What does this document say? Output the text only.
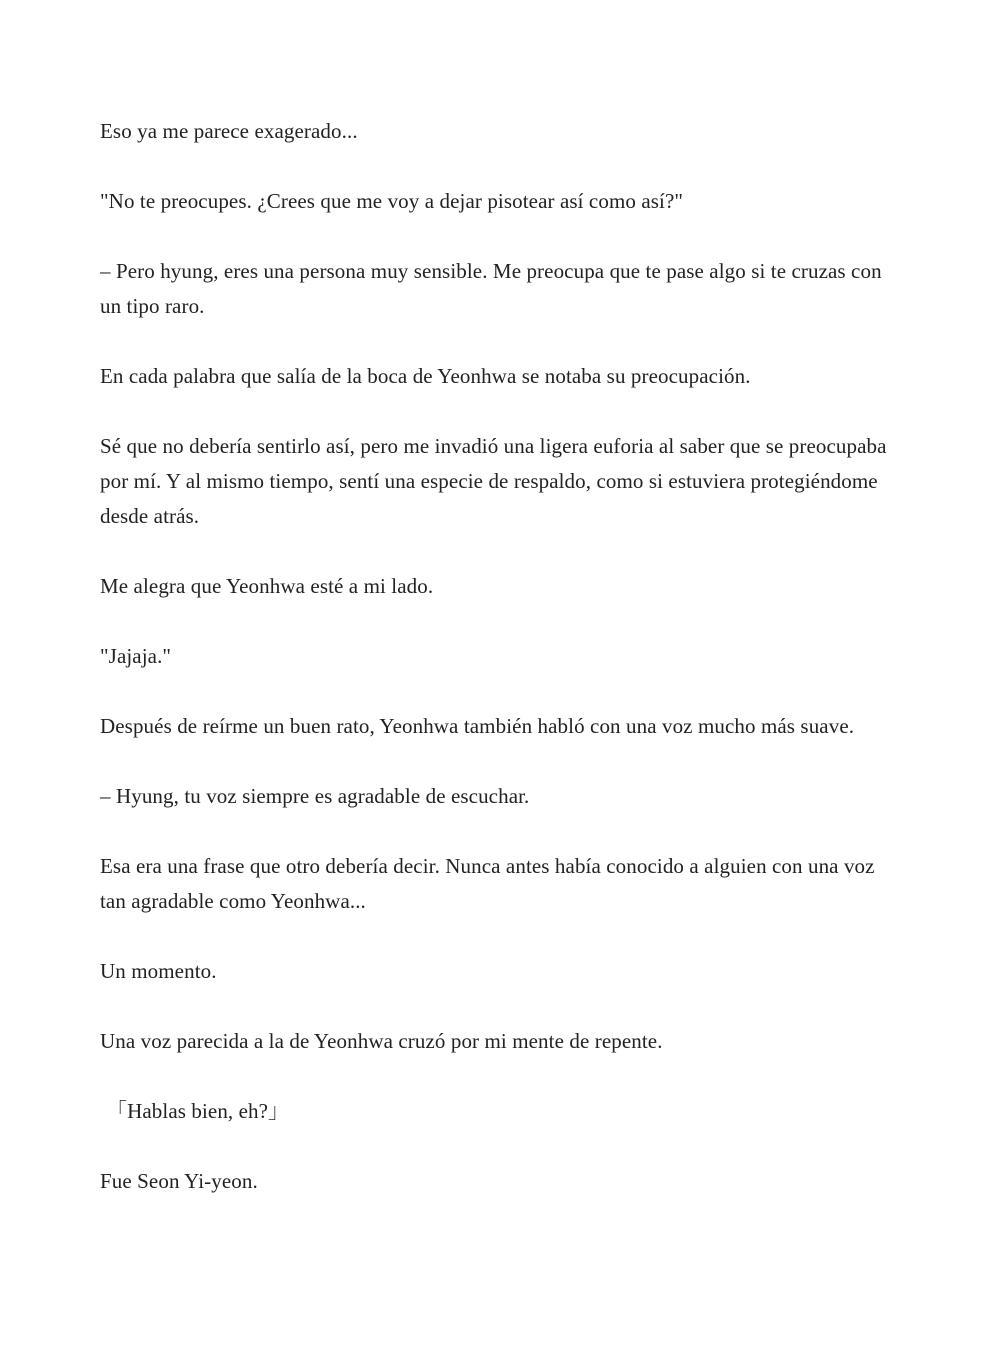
Eso ya me parece exagerado...

"No te preocupes. ¿Crees que me voy a dejar pisotear así como así?"

– Pero hyung, eres una persona muy sensible. Me preocupa que te pase algo si te cruzas con un tipo raro.

En cada palabra que salía de la boca de Yeonhwa se notaba su preocupación.

Sé que no debería sentirlo así, pero me invadió una ligera euforia al saber que se preocupaba por mí. Y al mismo tiempo, sentí una especie de respaldo, como si estuviera protegiéndome desde atrás.

Me alegra que Yeonhwa esté a mi lado.

"Jajaja."

Después de reírme un buen rato, Yeonhwa también habló con una voz mucho más suave.

– Hyung, tu voz siempre es agradable de escuchar.

Esa era una frase que otro debería decir. Nunca antes había conocido a alguien con una voz tan agradable como Yeonhwa...

Un momento.

Una voz parecida a la de Yeonhwa cruzó por mi mente de repente.

「Hablas bien, eh?」

Fue Seon Yi-yeon.
